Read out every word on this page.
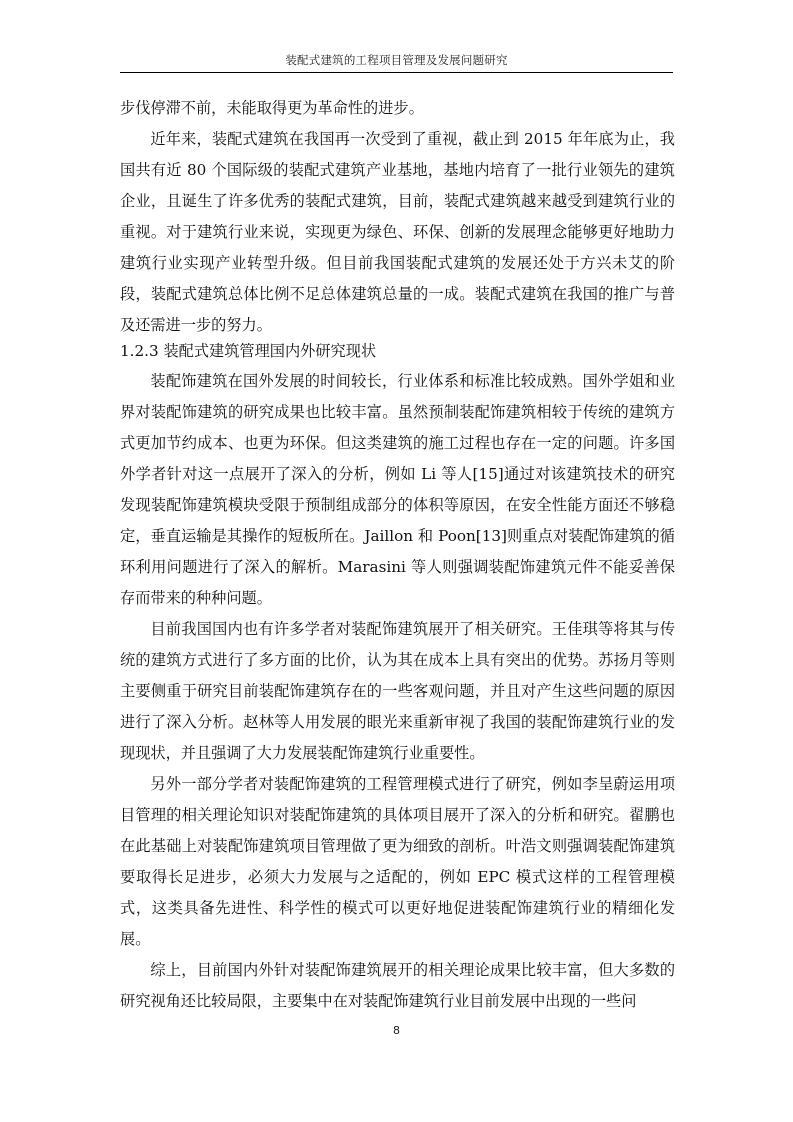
装配式建筑的工程项目管理及发展问题研究

步伐停滞不前，未能取得更为革命性的进步。

近年来，装配式建筑在我国再一次受到了重视，截止到 2015 年年底为止，我国共有近 80 个国际级的装配式建筑产业基地，基地内培育了一批行业领先的建筑企业，且诞生了许多优秀的装配式建筑，目前，装配式建筑越来越受到建筑行业的重视。对于建筑行业来说，实现更为绿色、环保、创新的发展理念能够更好地助力建筑行业实现产业转型升级。但目前我国装配式建筑的发展还处于方兴未艾的阶段，装配式建筑总体比例不足总体建筑总量的一成。装配式建筑在我国的推广与普及还需进一步的努力。

1.2.3 装配式建筑管理国内外研究现状

装配饰建筑在国外发展的时间较长，行业体系和标准比较成熟。国外学姐和业界对装配饰建筑的研究成果也比较丰富。虽然预制装配饰建筑相较于传统的建筑方式更加节约成本、也更为环保。但这类建筑的施工过程也存在一定的问题。许多国外学者针对这一点展开了深入的分析，例如 Li 等人[15]通过对该建筑技术的研究发现装配饰建筑模块受限于预制组成部分的体积等原因，在安全性能方面还不够稳定，垂直运输是其操作的短板所在。Jaillon 和 Poon[13]则重点对装配饰建筑的循环利用问题进行了深入的解析。Marasini 等人则强调装配饰建筑元件不能妥善保存而带来的种种问题。

目前我国国内也有许多学者对装配饰建筑展开了相关研究。王佳琪等将其与传统的建筑方式进行了多方面的比价，认为其在成本上具有突出的优势。苏扬月等则主要侧重于研究目前装配饰建筑存在的一些客观问题，并且对产生这些问题的原因进行了深入分析。赵林等人用发展的眼光来重新审视了我国的装配饰建筑行业的发现现状，并且强调了大力发展装配饰建筑行业重要性。

另外一部分学者对装配饰建筑的工程管理模式进行了研究，例如李呈蔚运用项目管理的相关理论知识对装配饰建筑的具体项目展开了深入的分析和研究。翟鹏也在此基础上对装配饰建筑项目管理做了更为细致的剖析。叶浩文则强调装配饰建筑要取得长足进步，必须大力发展与之适配的，例如 EPC 模式这样的工程管理模式，这类具备先进性、科学性的模式可以更好地促进装配饰建筑行业的精细化发展。

综上，目前国内外针对装配饰建筑展开的相关理论成果比较丰富，但大多数的研究视角还比较局限，主要集中在对装配饰建筑行业目前发展中出现的一些问

8
